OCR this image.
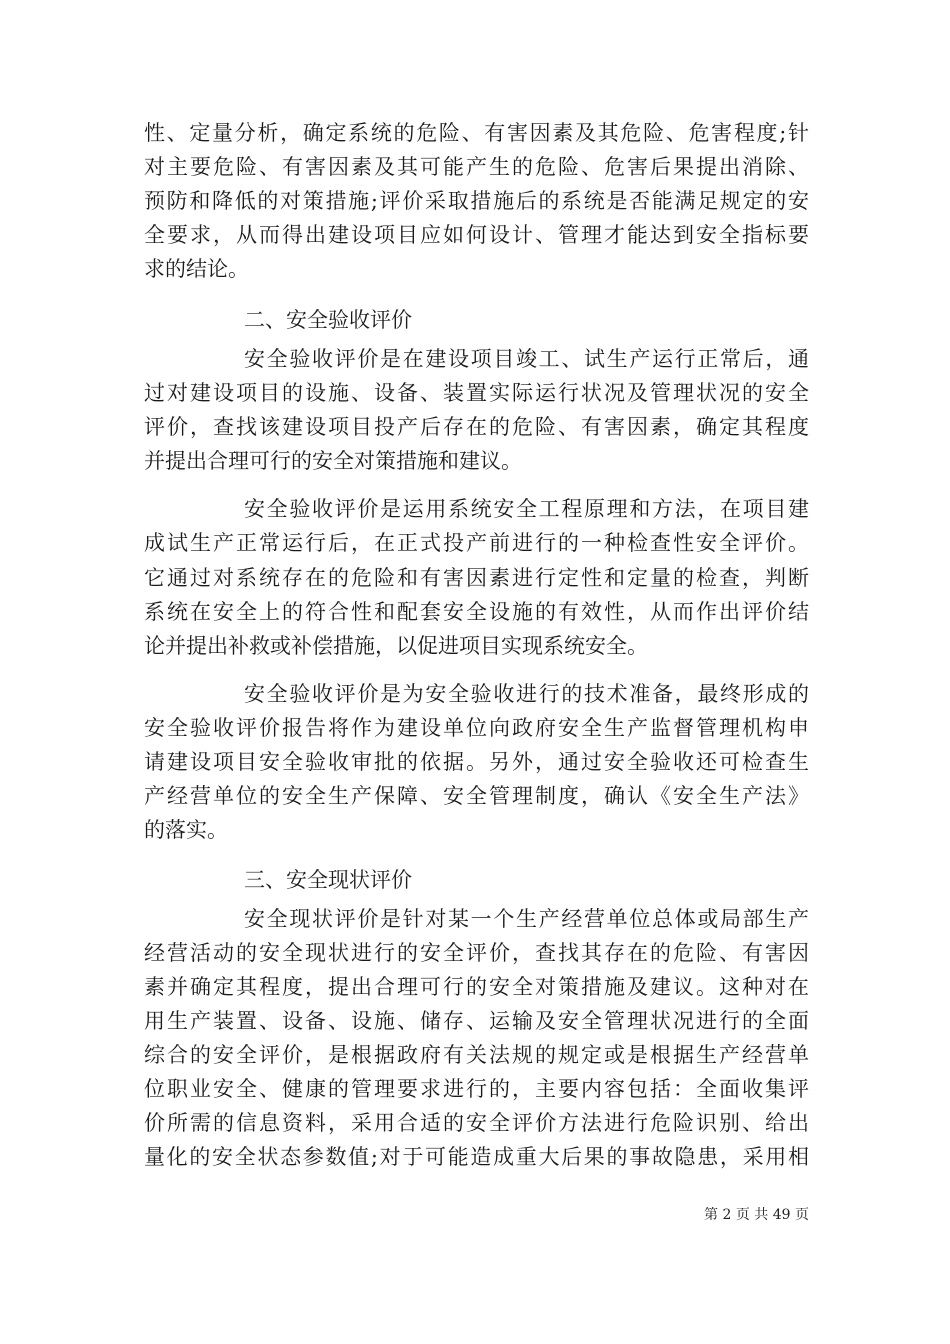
性、定量分析，确定系统的危险、有害因素及其危险、危害程度;针
对主要危险、有害因素及其可能产生的危险、危害后果提出消除、
预防和降低的对策措施;评价采取措施后的系统是否能满足规定的安
全要求，从而得出建设项目应如何设计、管理才能达到安全指标要
求的结论。
二、安全验收评价
安全验收评价是在建设项目竣工、试生产运行正常后，通
过对建设项目的设施、设备、装置实际运行状况及管理状况的安全
评价，查找该建设项目投产后存在的危险、有害因素，确定其程度
并提出合理可行的安全对策措施和建议。
安全验收评价是运用系统安全工程原理和方法，在项目建
成试生产正常运行后，在正式投产前进行的一种检查性安全评价。
它通过对系统存在的危险和有害因素进行定性和定量的检查，判断
系统在安全上的符合性和配套安全设施的有效性，从而作出评价结
论并提出补救或补偿措施，以促进项目实现系统安全。
安全验收评价是为安全验收进行的技术准备，最终形成的
安全验收评价报告将作为建设单位向政府安全生产监督管理机构申
请建设项目安全验收审批的依据。另外，通过安全验收还可检查生
产经营单位的安全生产保障、安全管理制度，确认《安全生产法》
的落实。
三、安全现状评价
安全现状评价是针对某一个生产经营单位总体或局部生产
经营活动的安全现状进行的安全评价，查找其存在的危险、有害因
素并确定其程度，提出合理可行的安全对策措施及建议。这种对在
用生产装置、设备、设施、储存、运输及安全管理状况进行的全面
综合的安全评价，是根据政府有关法规的规定或是根据生产经营单
位职业安全、健康的管理要求进行的，主要内容包括：全面收集评
价所需的信息资料，采用合适的安全评价方法进行危险识别、给出
量化的安全状态参数值;对于可能造成重大后果的事故隐患，采用相
第 2 页 共 49 页
